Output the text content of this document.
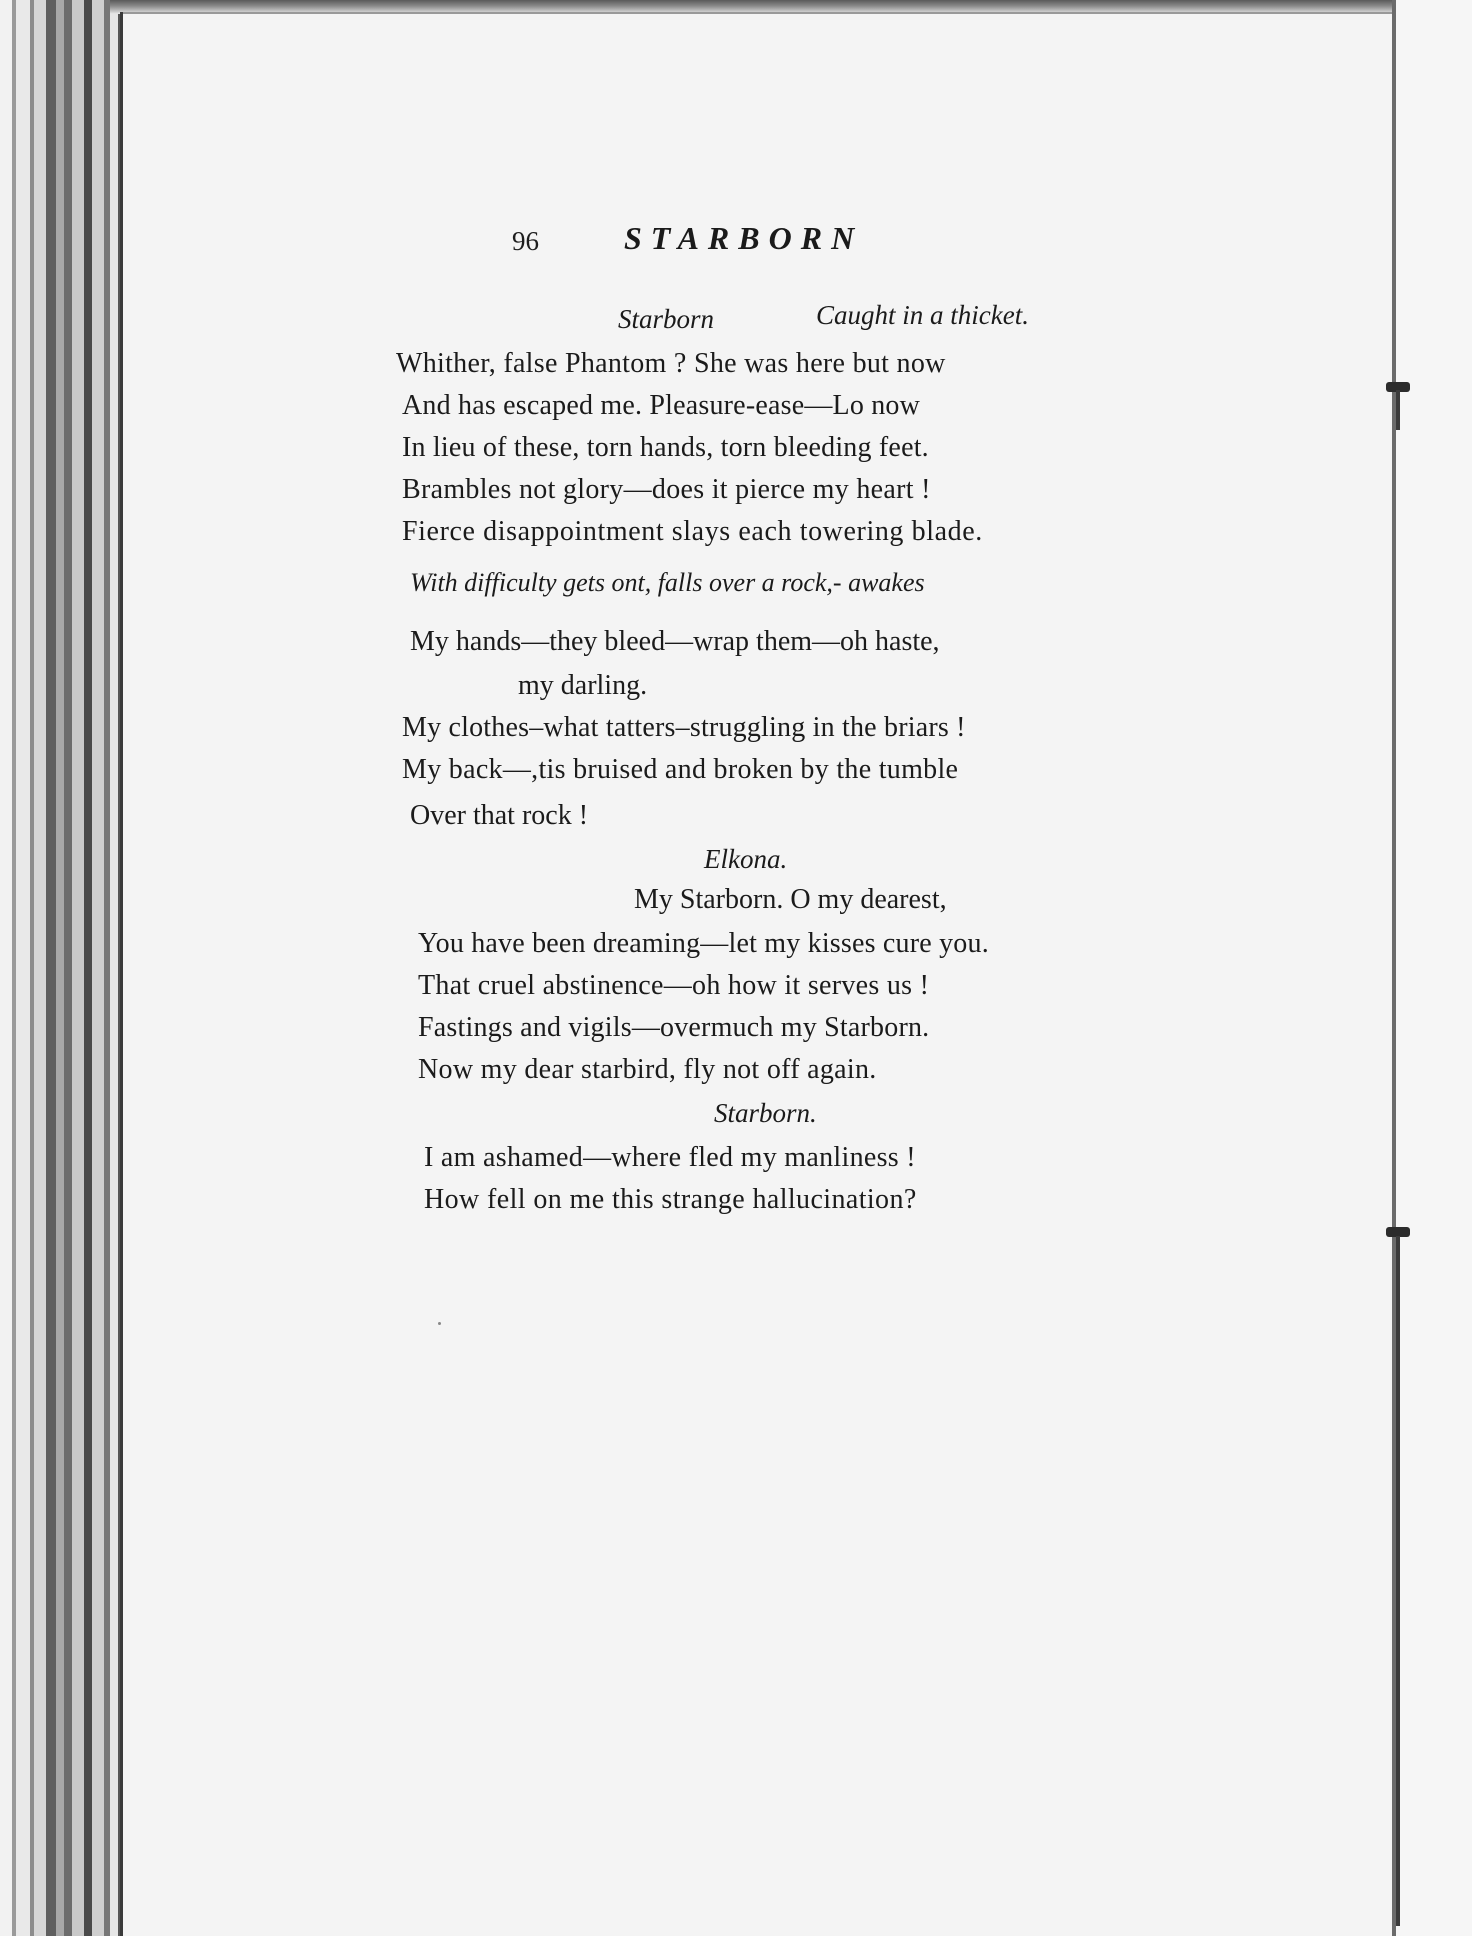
96	STARBORN
Starborn	Caught in a thicket.
Whither, false Phantom ? She was here but now
And has escaped me. Pleasure-ease—Lo now
In lieu of these, torn hands, torn bleeding feet.
Brambles not glory—does it pierce my heart !
Fierce disappointment slays each towering blade.
With difficulty gets ont, falls over a rock,- awakes
My hands—they bleed—wrap them—oh haste,
my darling.
My clothes–what tatters–struggling in the briars !
My back—,tis bruised and broken by the tumble
Over that rock !
Elkona.
My Starborn. O my dearest,
You have been dreaming—let my kisses cure you.
That cruel abstinence—oh how it serves us !
Fastings and vigils—overmuch my Starborn.
Now my dear starbird, fly not off again.
Starborn.
I am ashamed—where fled my manliness !
How fell on me this strange hallucination?
